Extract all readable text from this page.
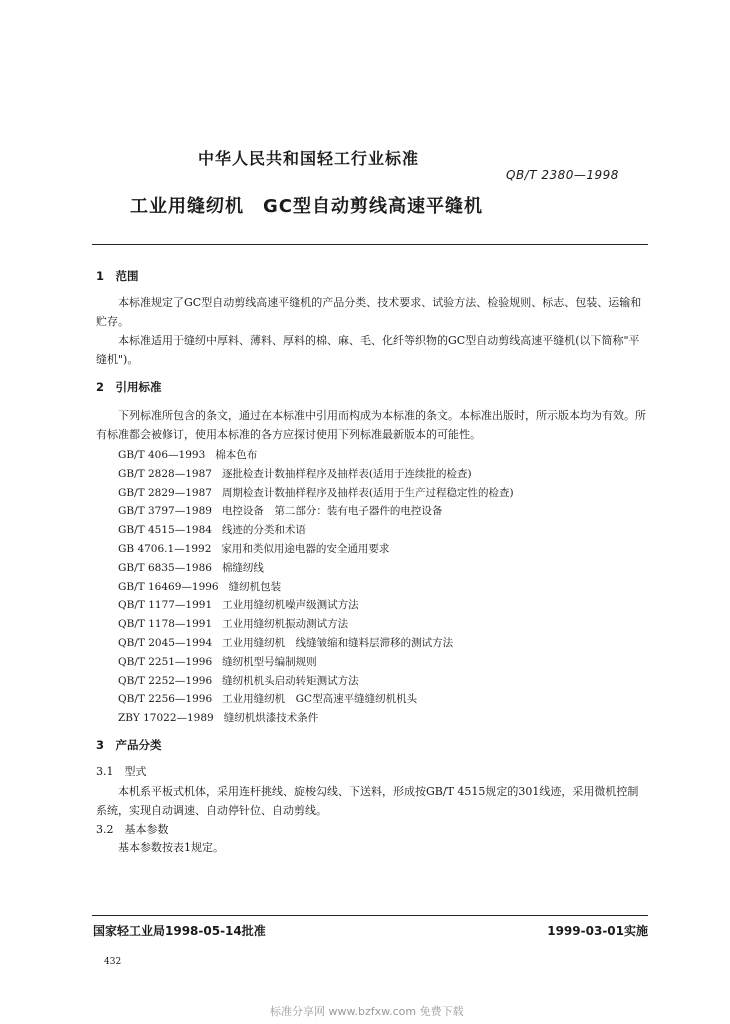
中华人民共和国轻工行业标准
QB/T 2380—1998
工业用缝纫机　GC型自动剪线高速平缝机
1　范围
本标准规定了GC型自动剪线高速平缝机的产品分类、技术要求、试验方法、检验规则、标志、包装、运输和贮存。
本标准适用于缝纫中厚料、薄料、厚料的棉、麻、毛、化纤等织物的GC型自动剪线高速平缝机(以下简称"平缝机")。
2　引用标准
下列标准所包含的条文，通过在本标准中引用而构成为本标准的条文。本标准出版时，所示版本均为有效。所有标准都会被修订，使用本标准的各方应探讨使用下列标准最新版本的可能性。
GB/T 406—1993 棉本色布
GB/T 2828—1987 逐批检查计数抽样程序及抽样表(适用于连续批的检查)
GB/T 2829—1987 周期检查计数抽样程序及抽样表(适用于生产过程稳定性的检查)
GB/T 3797—1989 电控设备　第二部分：装有电子器件的电控设备
GB/T 4515—1984 线迹的分类和术语
GB 4706.1—1992 家用和类似用途电器的安全通用要求
GB/T 6835—1986 棉缝纫线
GB/T 16469—1996 缝纫机包装
QB/T 1177—1991 工业用缝纫机噪声级测试方法
QB/T 1178—1991 工业用缝纫机振动测试方法
QB/T 2045—1994 工业用缝纫机　线缝皱缩和缝料层滞移的测试方法
QB/T 2251—1996 缝纫机型号编制规则
QB/T 2252—1996 缝纫机机头启动转矩测试方法
QB/T 2256—1996 工业用缝纫机　GC型高速平缝缝纫机机头
ZBY 17022—1989 缝纫机烘漆技术条件
3　产品分类
3.1　型式
本机系平板式机体，采用连杆挑线、旋梭勾线、下送料，形成按GB/T 4515规定的301线迹，采用微机控制系统，实现自动调速、自动停针位、自动剪线。
3.2　基本参数
基本参数按表1规定。
国家轻工业局1998-05-14批准	1999-03-01实施
432
标准分享网 www.bzfxw.com 免费下载
